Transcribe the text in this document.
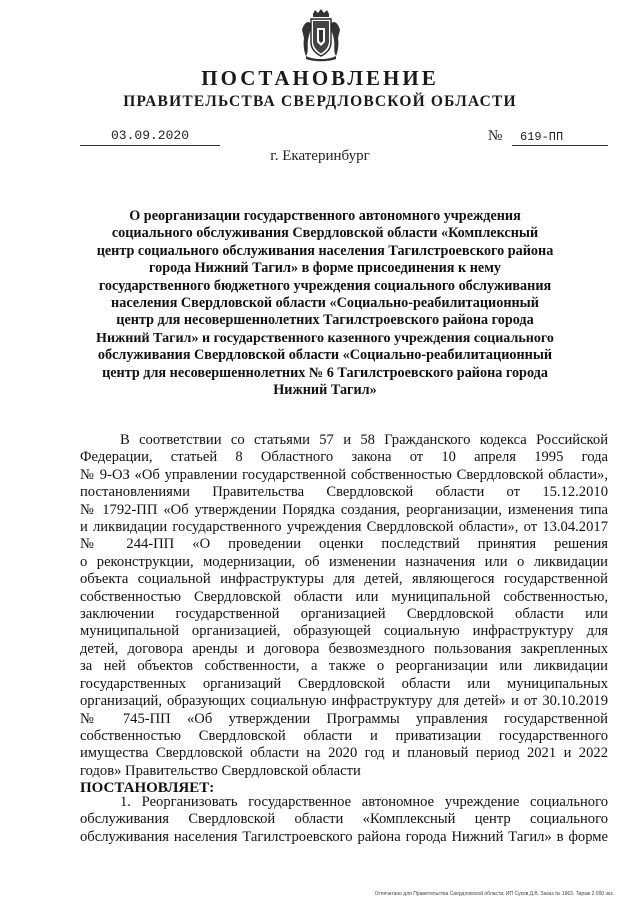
ПОСТАНОВЛЕНИЕ
ПРАВИТЕЛЬСТВА СВЕРДЛОВСКОЙ ОБЛАСТИ
03.09.2020	№	619-ПП
г. Екатеринбург
О реорганизации государственного автономного учреждения
социального обслуживания Свердловской области «Комплексный
центр социального обслуживания населения Тагилстроевского района
города Нижний Тагил» в форме присоединения к нему
государственного бюджетного учреждения социального обслуживания
населения Свердловской области «Социально-реабилитационный
центр для несовершеннолетних Тагилстроевского района города
Нижний Тагил» и государственного казенного учреждения социального
обслуживания Свердловской области «Социально-реабилитационный
центр для несовершеннолетних № 6 Тагилстроевского района города
Нижний Тагил»
В соответствии со статьями 57 и 58 Гражданского кодекса Российской
Федерации, статьей 8 Областного закона от 10 апреля 1995 года
№ 9-ОЗ «Об управлении государственной собственностью Свердловской области»,
постановлениями Правительства Свердловской области от 15.12.2010
№ 1792-ПП «Об утверждении Порядка создания, реорганизации, изменения типа
и ликвидации государственного учреждения Свердловской области», от 13.04.2017
№ 244-ПП «О проведении оценки последствий принятия решения
о реконструкции, модернизации, об изменении назначения или о ликвидации
объекта социальной инфраструктуры для детей, являющегося государственной
собственностью Свердловской области или муниципальной собственностью,
заключении государственной организацией Свердловской области или
муниципальной организацией, образующей социальную инфраструктуру для
детей, договора аренды и договора безвозмездного пользования закрепленных
за ней объектов собственности, а также о реорганизации или ликвидации
государственных организаций Свердловской области или муниципальных
организаций, образующих социальную инфраструктуру для детей» и от 30.10.2019
№ 745-ПП «Об утверждении Программы управления государственной
собственностью Свердловской области и приватизации государственного
имущества Свердловской области на 2020 год и плановый период 2021 и 2022
годов» Правительство Свердловской области
ПОСТАНОВЛЯЕТ:
1. Реорганизовать государственное автономное учреждение социального
обслуживания Свердловской области «Комплексный центр социального
обслуживания населения Тагилстроевского района города Нижний Тагил» в форме
Отпечатано для Правительства Свердловской области. ИП Суков Д.В. Заказ № 1963. Тираж 2 000 экз.
